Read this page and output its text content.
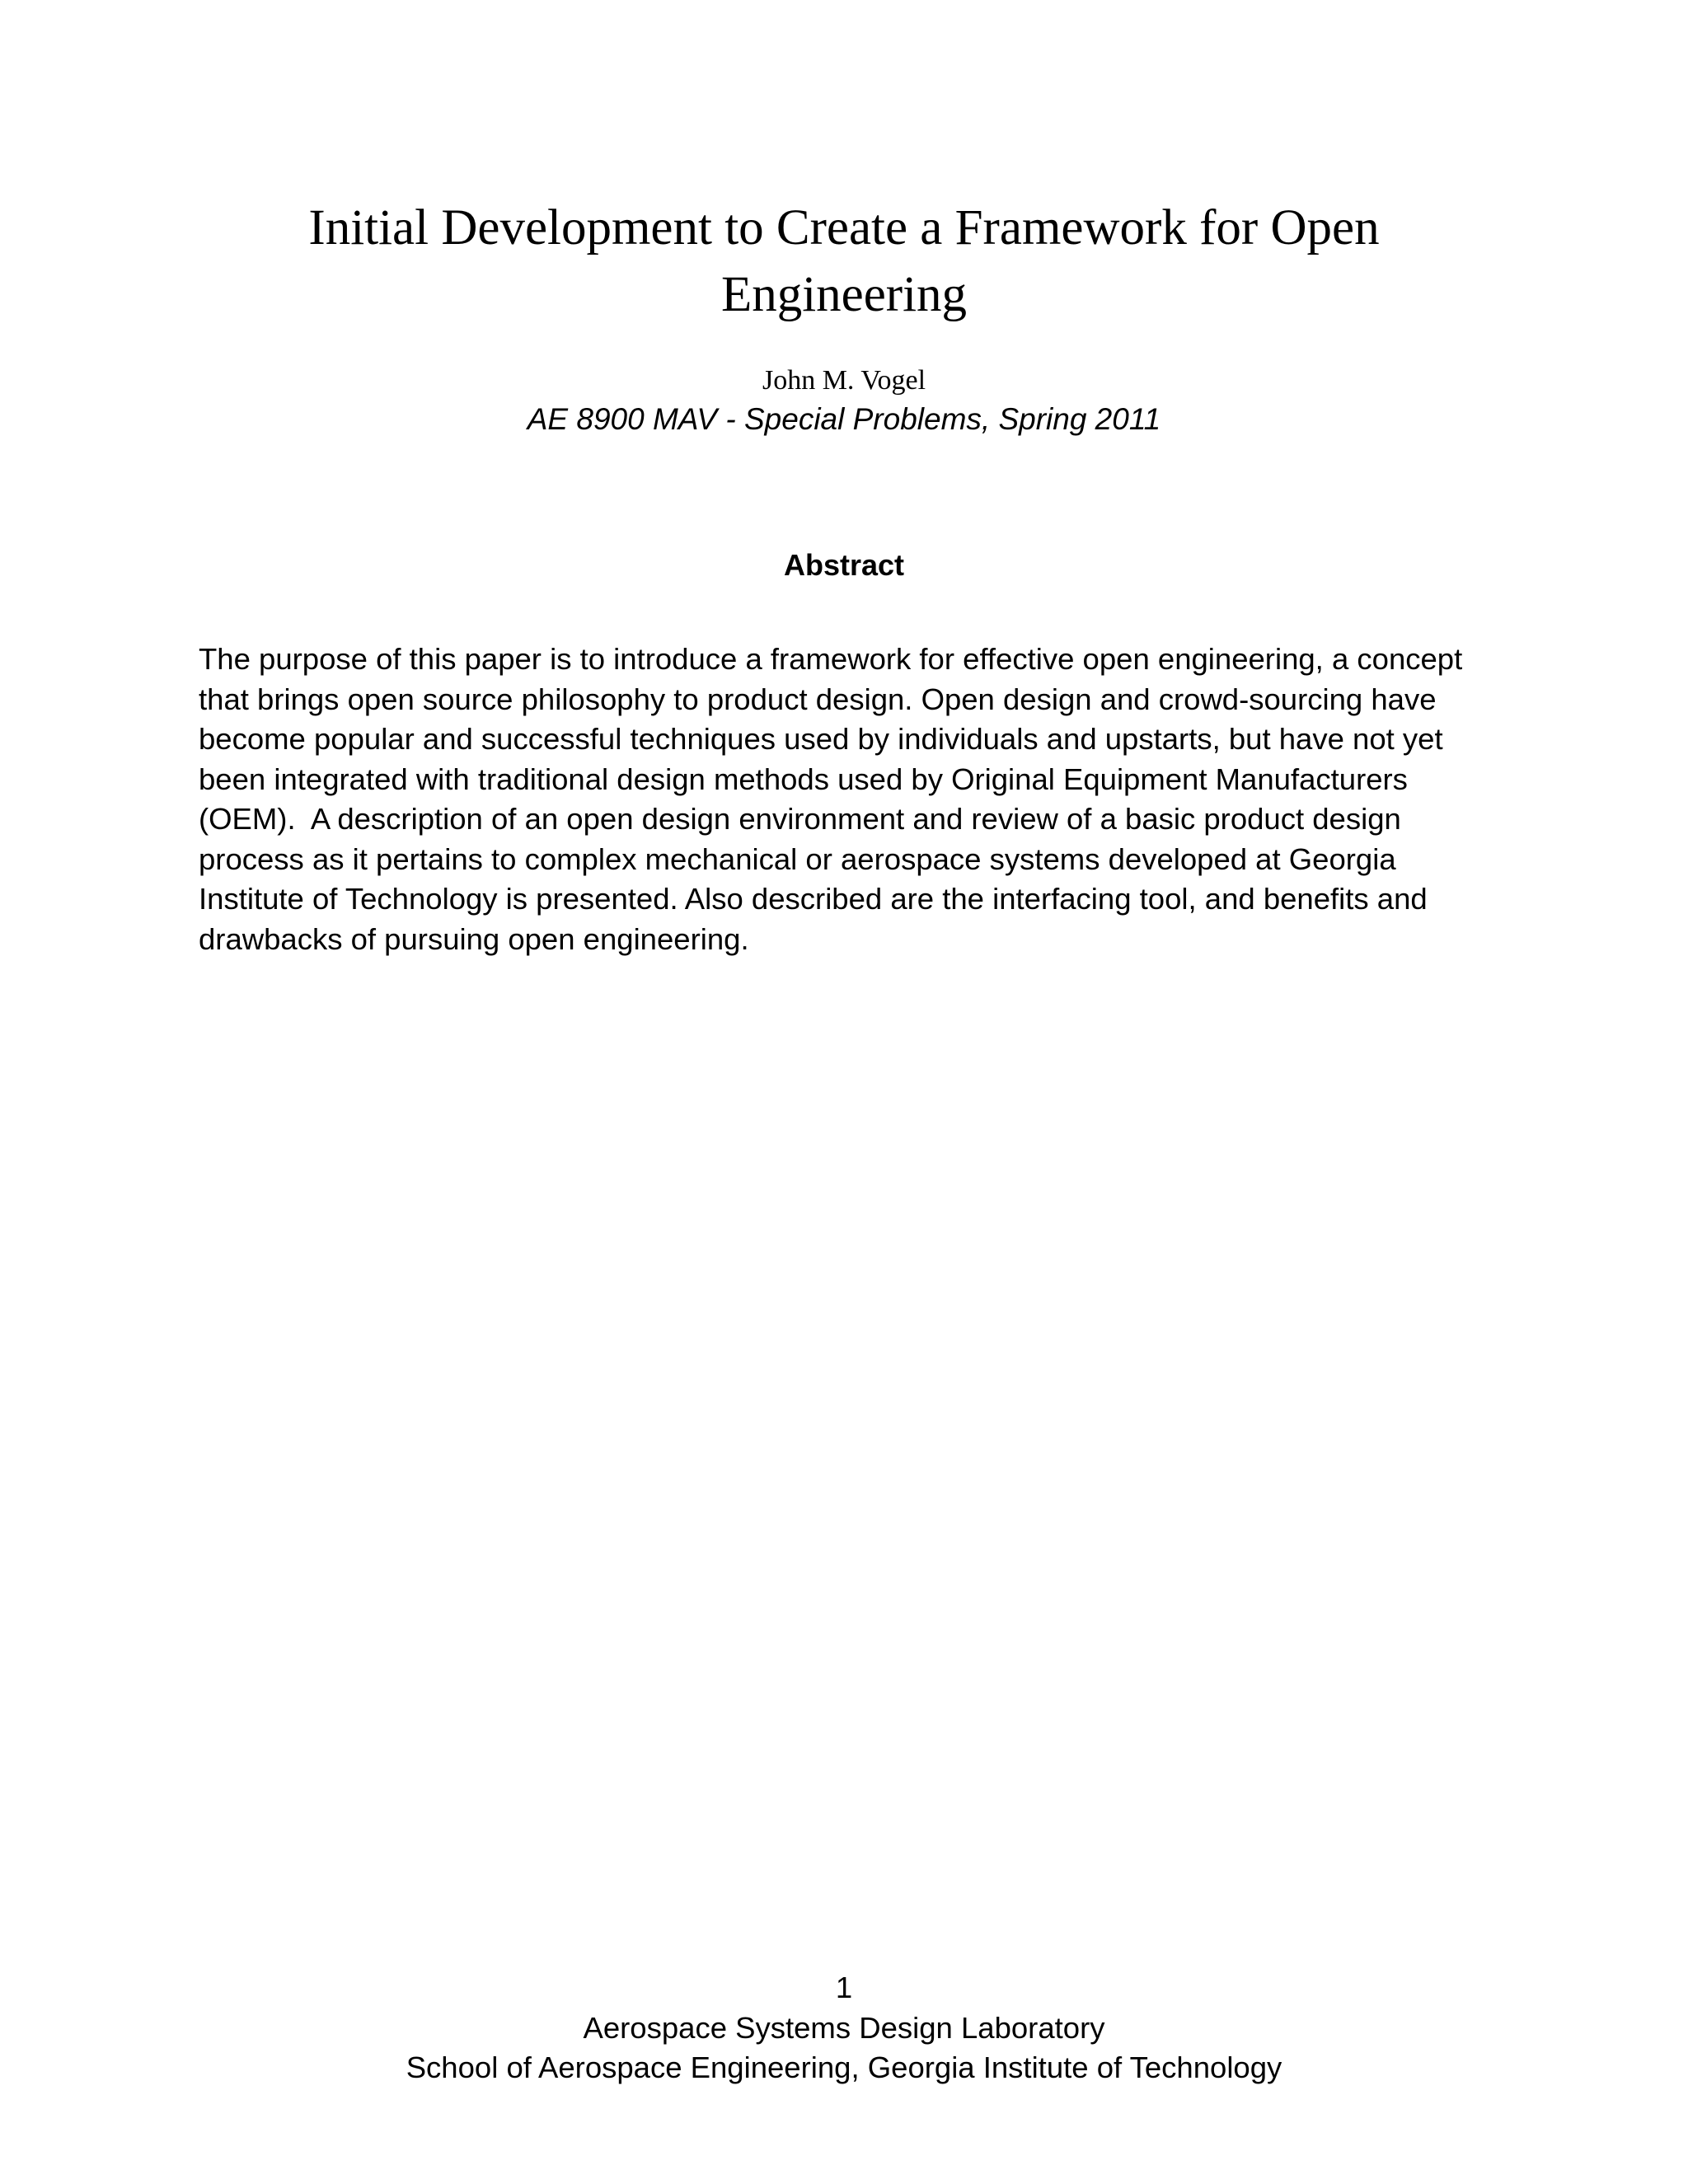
Initial Development to Create a Framework for Open
Engineering
John M. Vogel
AE 8900 MAV - Special Problems, Spring 2011
Abstract
The purpose of this paper is to introduce a framework for effective open engineering, a concept
that brings open source philosophy to product design. Open design and crowd-sourcing have
become popular and successful techniques used by individuals and upstarts, but have not yet
been integrated with traditional design methods used by Original Equipment Manufacturers
(OEM).  A description of an open design environment and review of a basic product design
process as it pertains to complex mechanical or aerospace systems developed at Georgia
Institute of Technology is presented. Also described are the interfacing tool, and benefits and
drawbacks of pursuing open engineering.
1
Aerospace Systems Design Laboratory
School of Aerospace Engineering, Georgia Institute of Technology
